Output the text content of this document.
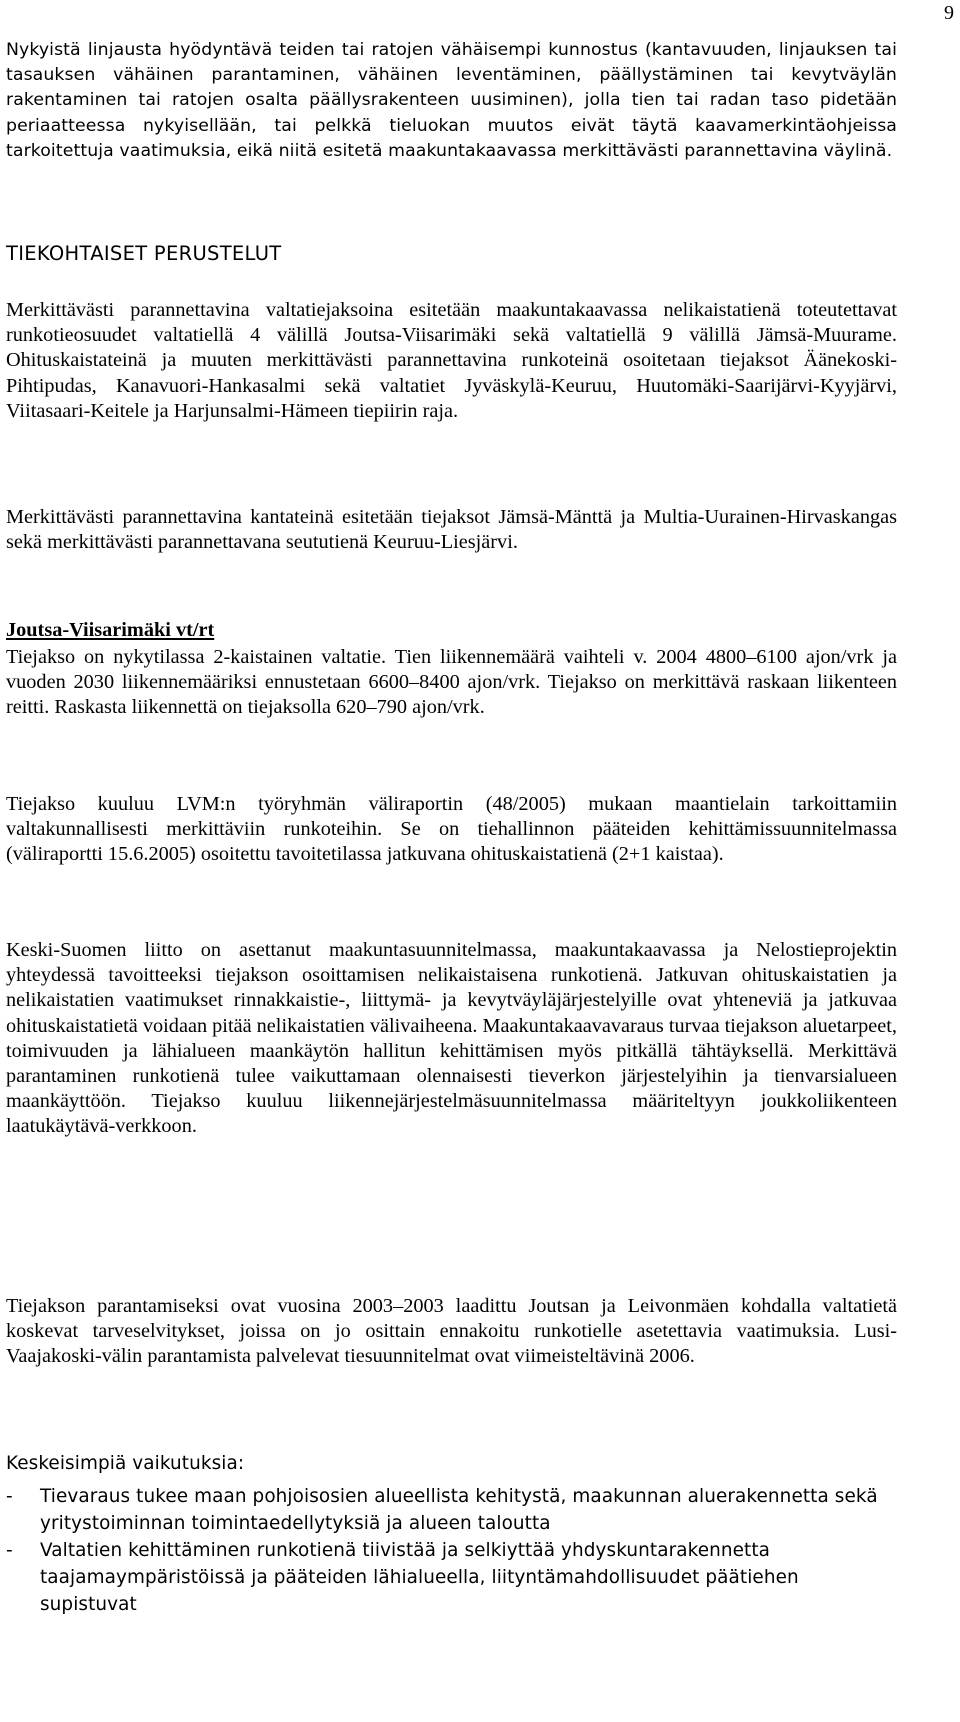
9

Nykyistä linjausta hyödyntävä teiden tai ratojen vähäisempi kunnostus (kantavuuden, linjauksen tai tasauksen vähäinen parantaminen, vähäinen leventäminen, päällystäminen tai kevytväylän rakentaminen tai ratojen osalta päällysrakenteen uusiminen), jolla tien tai radan taso pidetään periaatteessa nykyisellään, tai pelkkä tieluokan muutos eivät täytä kaavamerkintäohjeissa tarkoitettuja vaatimuksia, eikä niitä esitetä maakuntakaavassa merkittävästi parannettavina väylinä.

TIEKOHTAISET PERUSTELUT

Merkittävästi parannettavina valtatiejaksoina esitetään maakuntakaavassa nelikaistatienä toteutettavat runkotieosuudet valtatiellä 4 välillä Joutsa-Viisarimäki sekä valtatiellä 9 välillä Jämsä-Muurame. Ohituskaistateinä ja muuten merkittävästi parannettavina runkoteinä osoitetaan tiejaksot Äänekoski-Pihtipudas, Kanavuori-Hankasalmi sekä valtatiet Jyväskylä-Keuruu, Huutomäki-Saarijärvi-Kyyjärvi, Viitasaari-Keitele ja Harjunsalmi-Hämeen tiepiirin raja.

Merkittävästi parannettavina kantateinä esitetään tiejaksot Jämsä-Mänttä ja Multia-Uurainen-Hirvaskangas sekä merkittävästi parannettavana seututienä Keuruu-Liesjärvi.

Joutsa-Viisarimäki vt/rt

Tiejakso on nykytilassa 2-kaistainen valtatie. Tien liikennemäärä vaihteli v. 2004 4800–6100 ajon/vrk ja vuoden 2030 liikennemääriksi ennustetaan 6600–8400 ajon/vrk. Tiejakso on merkittävä raskaan liikenteen reitti. Raskasta liikennettä on tiejaksolla 620–790 ajon/vrk.

Tiejakso kuuluu LVM:n työryhmän väliraportin (48/2005) mukaan maantielain tarkoittamiin valtakunnallisesti merkittäviin runkoteihin. Se on tiehallinnon pääteiden kehittämissuunnitelmassa (väliraportti 15.6.2005) osoitettu tavoitetilassa jatkuvana ohituskaistatienä (2+1 kaistaa).

Keski-Suomen liitto on asettanut maakuntasuunnitelmassa, maakuntakaavassa ja Nelostieprojektin yhteydessä tavoitteeksi tiejakson osoittamisen nelikaistaisena runkotienä. Jatkuvan ohituskaistatien ja nelikaistatien vaatimukset rinnakkaistie-, liittymä- ja kevytväyläjärjestelyille ovat yhteneviä ja jatkuvaa ohituskaistatietä voidaan pitää nelikaistatien välivaiheena. Maakuntakaavavaraus turvaa tiejakson aluetarpeet, toimivuuden ja lähialueen maankäytön hallitun kehittämisen myös pitkällä tähtäyksellä. Merkittävä parantaminen runkotienä tulee vaikuttamaan olennaisesti tieverkon järjestelyihin ja tienvarsialueen maankäyttöön. Tiejakso kuuluu liikennejärjestelmäsuunnitelmassa määriteltyyn joukkoliikenteen laatukäytävä-verkkoon.

Tiejakson parantamiseksi ovat vuosina 2003–2003 laadittu Joutsan ja Leivonmäen kohdalla valtatietä koskevat tarveselvitykset, joissa on jo osittain ennakoitu runkotielle asetettavia vaatimuksia. Lusi-Vaajakoski-välin parantamista palvelevat tiesuunnitelmat ovat viimeisteltävinä 2006.

Keskeisimpiä vaikutuksia:

- Tievaraus tukee maan pohjoisosien alueellista kehitystä, maakunnan aluerakennetta sekä yritystoiminnan toimintaedellytyksiä ja alueen taloutta
- Valtatien kehittäminen runkotienä tiivistää ja selkiyttää yhdyskuntarakennetta taajamaympäristöissä ja pääteiden lähialueella, liityntämahdollisuudet päätiehen supistuvat
